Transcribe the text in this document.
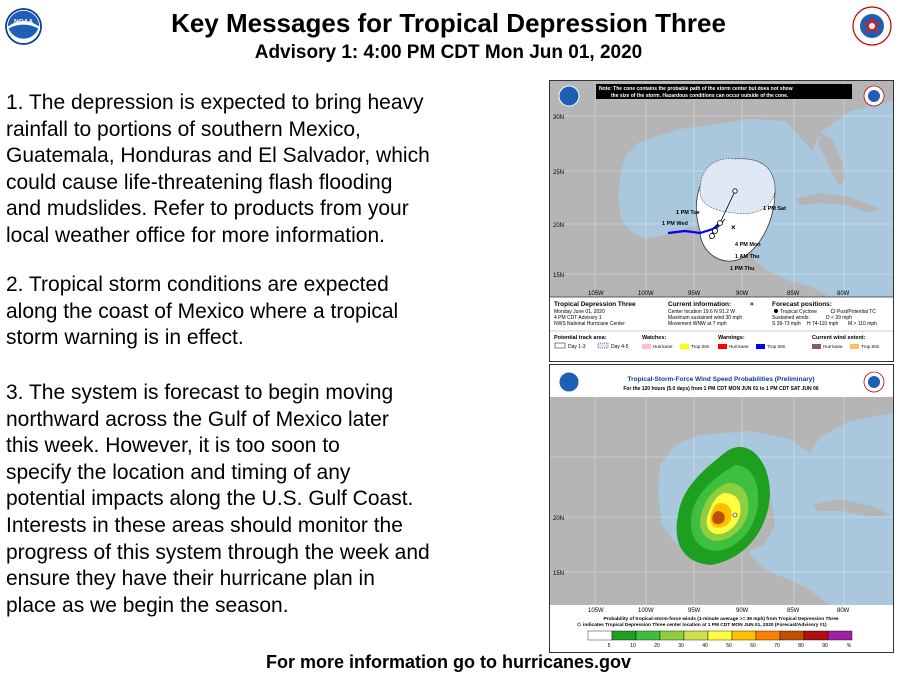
NOAA	Key Messages for Tropical Depression Three
Advisory 1: 4:00 PM CDT Mon Jun 01, 2020
1. The depression is expected to bring heavy
rainfall to portions of southern Mexico,
Guatemala, Honduras and El Salvador, which
could cause life-threatening flash flooding
and mudslides. Refer to products from your
local weather office for more information.
2. Tropical storm conditions are expected
along the coast of Mexico where a tropical
storm warning is in effect.
3. The system is forecast to begin moving
northward across the Gulf of Mexico later
this week. However, it is too soon to
specify the location and timing of any
potential impacts along the U.S. Gulf Coast.
Interests in these areas should monitor the
progress of this system through the week and
ensure they have their hurricane plan in
place as we begin the season.
×
1 PM Sat
1 PM Tue
1 PM Wed
4 PM Mon
1 AM Thu
1 PM Thu
Note: The cone contains the probable path of the storm center but does not show
the size of the storm. Hazardous conditions can occur outside of the cone.
30N
25N
20N
15N
105W	100W	95W	90W	85W	80W
Tropical Depression Three
Monday June 01, 2020
4 PM CDT Advisory 1
NWS National Hurricane Center
Current information:	×
Center location 19.6 N 91.2 W
Maximum sustained wind 30 mph
Movement WNW at 7 mph
Forecast positions:
Tropical Cyclone	Post/Potential TC
Sustained winds:	D < 39 mph
S 39-73 mph H 74-110 mph M > 110 mph
Potential track area:
Day 1-3	Day 4-5
Watches:
Hurricane	Trop Stm
Warnings:
Hurricane	Trop Stm
Current wind extent:
Hurricane	Trop Stm
Tropical-Storm-Force Wind Speed Probabilities (Preliminary)
For the 120 hours (5.0 days) from 1 PM CDT MON JUN 01 to 1 PM CDT SAT JUN 06
20N
15N
105W	100W	95W	90W	85W	80W
Probability of tropical-storm-force winds (1-minute average >= 39 mph) from Tropical Depression Three
indicates Tropical Depression Three center location at 1 PM CDT MON JUN 01, 2020 (Forecast/Advisory #1)
5	10	20	30	40	50	60	70	80	90	%
For more information go to hurricanes.gov
